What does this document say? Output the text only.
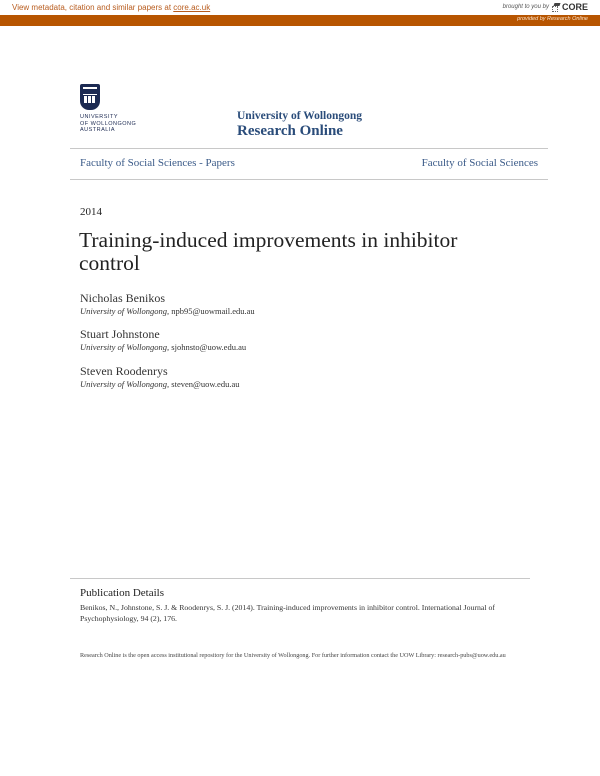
View metadata, citation and similar papers at core.ac.uk	brought to you by CORE
provided by Research Online
UNIVERSITY
OF WOLLONGONG
AUSTRALIA
University of Wollongong
Research Online
Faculty of Social Sciences - Papers	Faculty of Social Sciences
2014
Training-induced improvements in inhibitor control
Nicholas Benikos
University of Wollongong, npb95@uowmail.edu.au
Stuart Johnstone
University of Wollongong, sjohnsto@uow.edu.au
Steven Roodenrys
University of Wollongong, steven@uow.edu.au
Publication Details
Benikos, N., Johnstone, S. J. & Roodenrys, S. J. (2014). Training-induced improvements in inhibitor control. International Journal of Psychophysiology, 94 (2), 176.
Research Online is the open access institutional repository for the University of Wollongong. For further information contact the UOW Library: research-pubs@uow.edu.au
